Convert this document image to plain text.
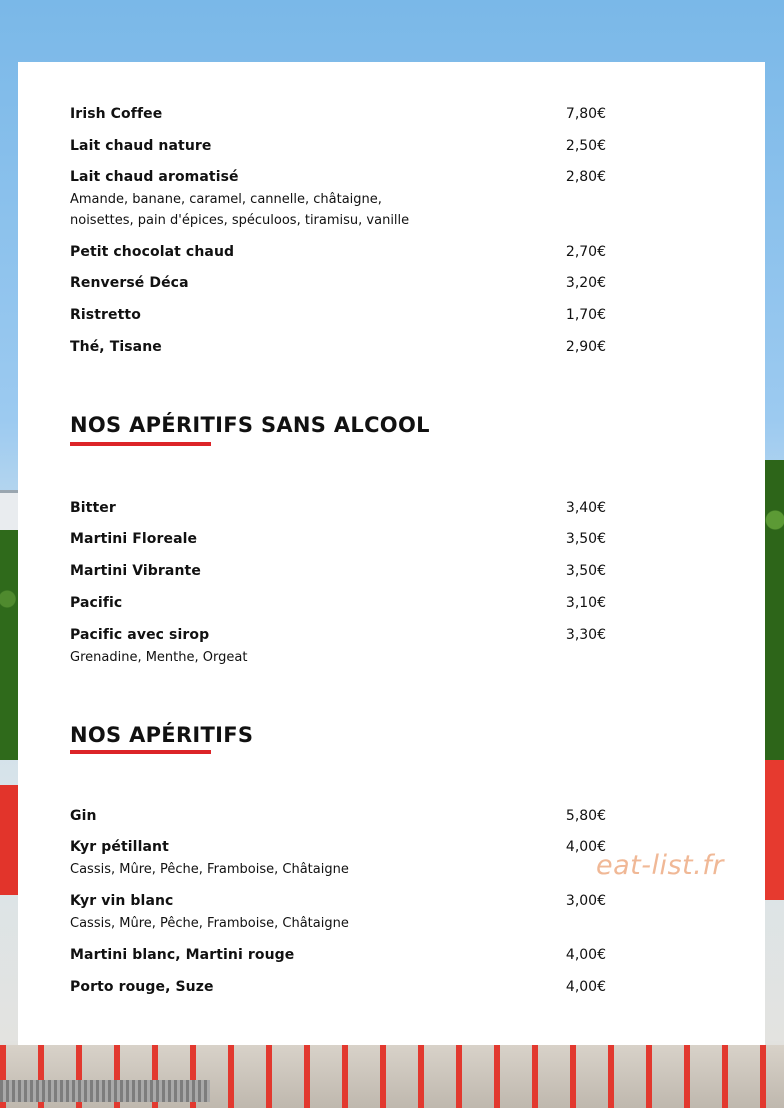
Irish Coffee	7,80€
Lait chaud nature	2,50€
Lait chaud aromatisé	2,80€
Amande, banane, caramel, cannelle, châtaigne, noisettes, pain d'épices, spéculoos, tiramisu, vanille
Petit chocolat chaud	2,70€
Renversé Déca	3,20€
Ristretto	1,70€
Thé, Tisane	2,90€
NOS APÉRITIFS SANS ALCOOL
Bitter	3,40€
Martini Floreale	3,50€
Martini Vibrante	3,50€
Pacific	3,10€
Pacific avec sirop	3,30€
Grenadine, Menthe, Orgeat
NOS APÉRITIFS
Gin	5,80€
Kyr pétillant	4,00€
Cassis, Mûre, Pêche, Framboise, Châtaigne
Kyr vin blanc	3,00€
Cassis, Mûre, Pêche, Framboise, Châtaigne
Martini blanc, Martini rouge	4,00€
Porto rouge, Suze	4,00€
eat-list.fr
